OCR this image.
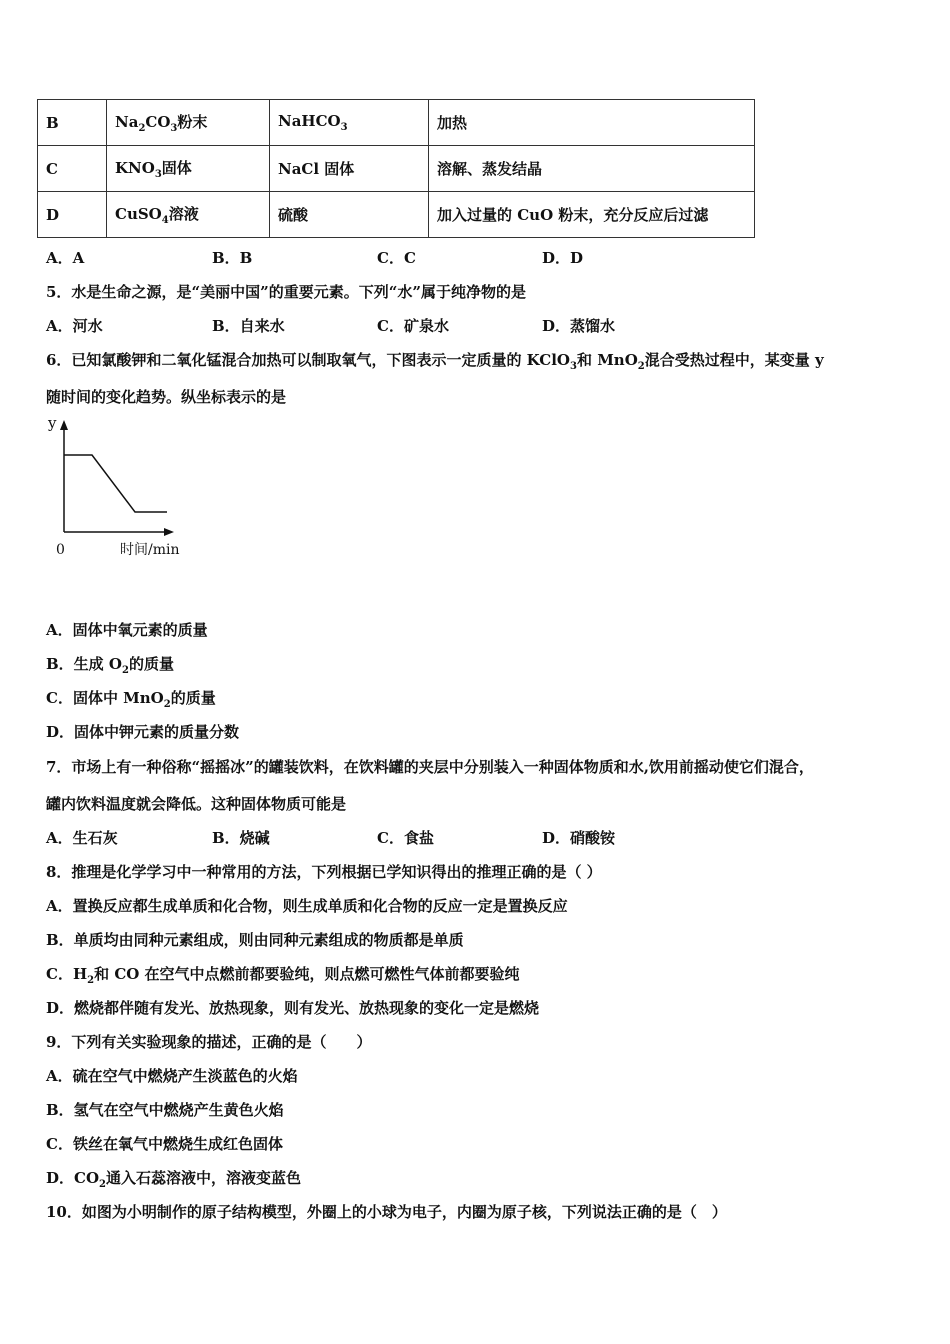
B	$Na_2CO_3$粉末	NaHCO$_3$	加热
C	$KNO_3$固体	NaCl 固体	溶解、蒸发结晶
D	CuSO$_4$溶液	硫酸	加入过量的 CuO 粉末，充分反应后过滤
A．A	B．B	C．C	D．D
5．水是生命之源，是“美丽中国”的重要元素。下列“水”属于纯净物的是
A．河水	B．自来水	C．矿泉水	D．蒸馏水
6．已知氯酸钾和二氧化锰混合加热可以制取氧气，下图表示一定质量的 KClO$_3$和 MnO$_2$混合受热过程中，某变量 y
随时间的变化趋势。纵坐标表示的是
y
0	时间/min
A．固体中氧元素的质量
B．生成 $O_2$的质量
C．固体中 MnO$_2$的质量
D．固体中钾元素的质量分数
7．市场上有一种俗称“摇摇冰”的罐装饮料，在饮料罐的夹层中分别装入一种固体物质和水,饮用前摇动使它们混合，
罐内饮料温度就会降低。这种固体物质可能是
A．生石灰	B．烧碱	C．食盐	D．硝酸铵
8．推理是化学学习中一种常用的方法，下列根据已学知识得出的推理正确的是（ ）
A．置换反应都生成单质和化合物，则生成单质和化合物的反应一定是置换反应
B．单质均由同种元素组成，则由同种元素组成的物质都是单质
C．$H_2$和 CO 在空气中点燃前都要验纯，则点燃可燃性气体前都要验纯
D．燃烧都伴随有发光、放热现象，则有发光、放热现象的变化一定是燃烧
9．下列有关实验现象的描述，正确的是（　　）
A．硫在空气中燃烧产生淡蓝色的火焰
B．氢气在空气中燃烧产生黄色火焰
C．铁丝在氧气中燃烧生成红色固体
D．$CO_2$通入石蕊溶液中，溶液变蓝色
10．如图为小明制作的原子结构模型，外圈上的小球为电子，内圈为原子核，下列说法正确的是（　）
